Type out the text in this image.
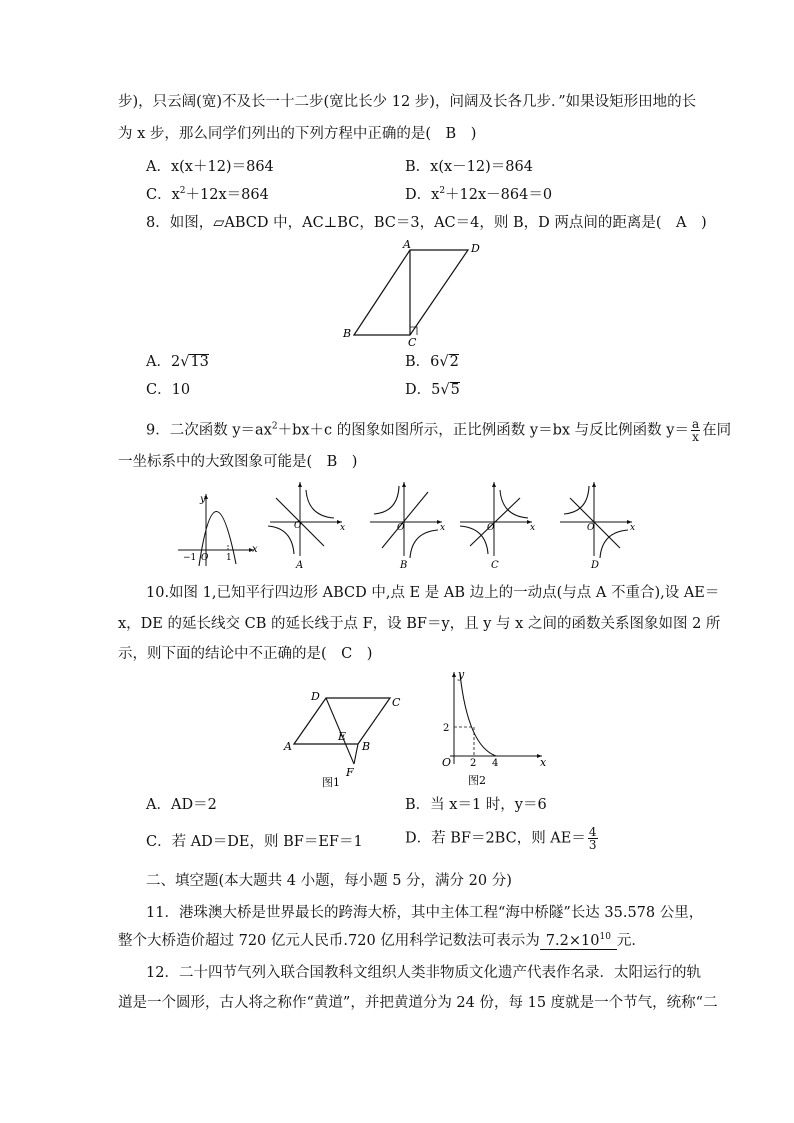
步)，只云阔(宽)不及长一十二步(宽比长少 12 步)，问阔及长各几步．”如果设矩形田地的长
为 x 步，那么同学们列出的下列方程中正确的是(　B　)
A．x(x＋12)＝864	B．x(x－12)＝864
C．$x^2+12x=864$	D．$x^2+12x-864=0$
8．如图，▱ABCD 中，AC⊥BC，BC＝3，AC＝4，则 B，D 两点间的距离是(　A　)
A	D
B
C
A．2√13	B．6√2
C．10	D．5√5
9．二次函数 $y=ax^2+bx+c$ 的图象如图所示，正比例函数 y＝bx 与反比例函数 $y= \frac{a}{x}$ 在同
一坐标系中的大致图象可能是(　B　)
y
x
O
−1	1
O	x
A
O	x
B
O	x
C
O	x
D
10.如图 1,已知平行四边形 ABCD 中,点 E 是 AB 边上的一动点(与点 A 不重合),设 AE＝
x，DE 的延长线交 CB 的延长线于点 F，设 BF＝y，且 y 与 x 之间的函数关系图象如图 2 所
示，则下面的结论中不正确的是(　C　)
A
D	C
B
E
F
图1
y
x
O
2
2 4
图2
A．AD＝2	B．当 x＝1 时，y＝6
C．若 AD＝DE，则 BF＝EF＝1	D．若 BF＝2BC，则 $AE= \frac{4}{3}$
二、填空题(本大题共 4 小题，每小题 5 分，满分 20 分)
11．港珠澳大桥是世界最长的跨海大桥，其中主体工程“海中桥隧”长达 35.578 公里，
整个大桥造价超过 720 亿元人民币.720 亿用科学记数法可表示为 $7.2\times 10^{10}$ 元．
12．二十四节气列入联合国教科文组织人类非物质文化遗产代表作名录．太阳运行的轨
道是一个圆形，古人将之称作“黄道”，并把黄道分为 24 份，每 15 度就是一个节气，统称“二
